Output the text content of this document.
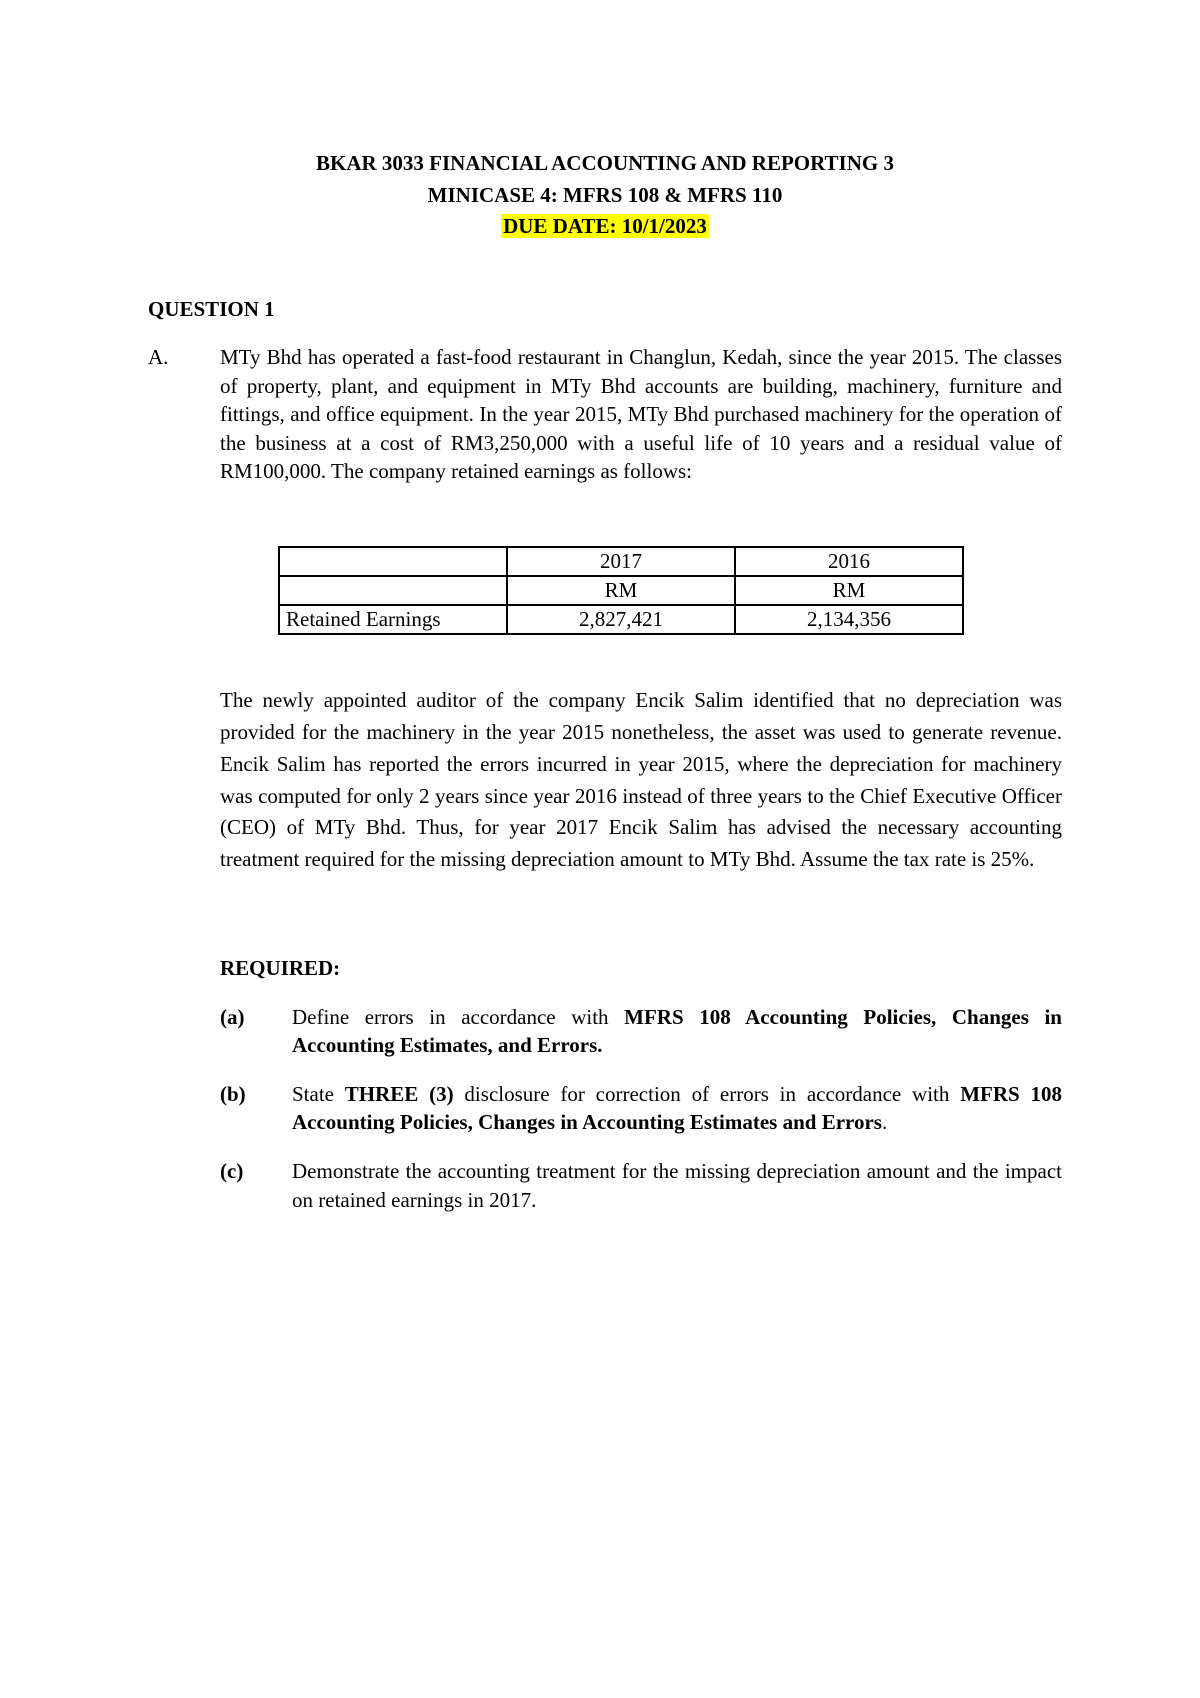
BKAR 3033 FINANCIAL ACCOUNTING AND REPORTING 3
MINICASE 4: MFRS 108 & MFRS 110
DUE DATE: 10/1/2023
QUESTION 1
A.	MTy Bhd has operated a fast-food restaurant in Changlun, Kedah, since the year 2015. The classes of property, plant, and equipment in MTy Bhd accounts are building, machinery, furniture and fittings, and office equipment. In the year 2015, MTy Bhd purchased machinery for the operation of the business at a cost of RM3,250,000 with a useful life of 10 years and a residual value of RM100,000. The company retained earnings as follows:
	2017	2016
	RM	RM
Retained Earnings	2,827,421	2,134,356
The newly appointed auditor of the company Encik Salim identified that no depreciation was provided for the machinery in the year 2015 nonetheless, the asset was used to generate revenue. Encik Salim has reported the errors incurred in year 2015, where the depreciation for machinery was computed for only 2 years since year 2016 instead of three years to the Chief Executive Officer (CEO) of MTy Bhd. Thus, for year 2017 Encik Salim has advised the necessary accounting treatment required for the missing depreciation amount to MTy Bhd. Assume the tax rate is 25%.
REQUIRED:
(a)	Define errors in accordance with MFRS 108 Accounting Policies, Changes in Accounting Estimates, and Errors.
(b)	State THREE (3) disclosure for correction of errors in accordance with MFRS 108 Accounting Policies, Changes in Accounting Estimates and Errors.
(c)	Demonstrate the accounting treatment for the missing depreciation amount and the impact on retained earnings in 2017.
